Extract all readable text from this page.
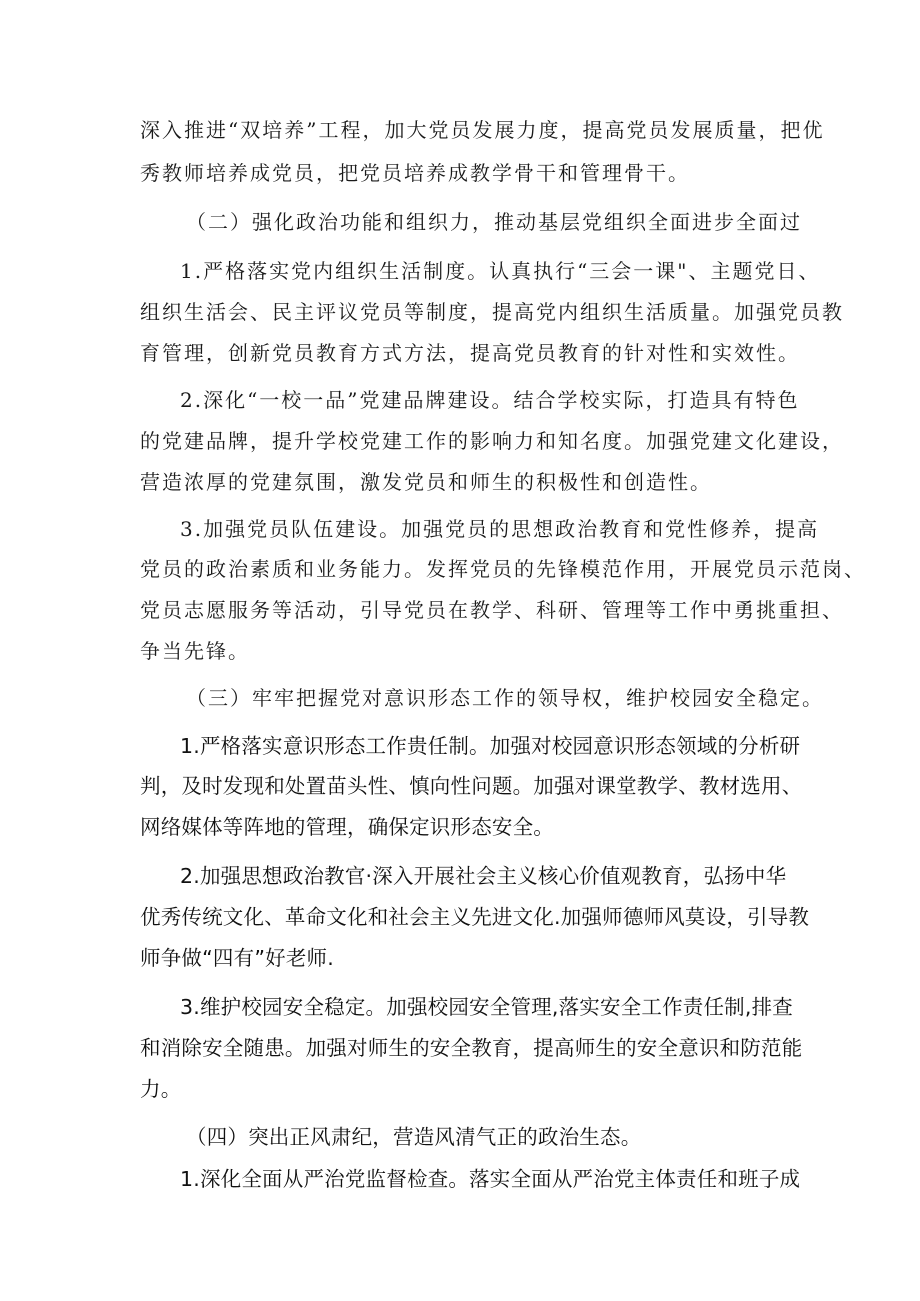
深入推进“双培养”工程，加大党员发展力度，提高党员发展质量，把优

秀教师培养成党员，把党员培养成教学骨干和管理骨干。

（二）强化政治功能和组织力，推动基层党组织全面进步全面过

1.严格落实党内组织生活制度。认真执行“三会一课"、主题党日、

组织生活会、民主评议党员等制度，提高党内组织生活质量。加强党员教

育管理，创新党员教育方式方法，提高党员教育的针对性和实效性。

2.深化“一校一品”党建品牌建设。结合学校实际，打造具有特色

的党建品牌，提升学校党建工作的影响力和知名度。加强党建文化建设，

营造浓厚的党建氛围，激发党员和师生的积极性和创造性。

3.加强党员队伍建设。加强党员的思想政治教育和党性修养，提高

党员的政治素质和业务能力。发挥党员的先锋模范作用，开展党员示范岗、

党员志愿服务等活动，引导党员在教学、科研、管理等工作中勇挑重担、

争当先锋。

（三）牢牢把握党对意识形态工作的领导权，维护校园安全稳定。

1.严格落实意识形态工作贵任制。加强对校园意识形态领域的分析研

判，及时发现和处置苗头性、慎向性问题。加强对课堂教学、教材选用、

网络媒体等阵地的管理，确保定识形态安全。

2.加强思想政治教官·深入开展社会主义核心价值观教育，弘扬中华

优秀传统文化、革命文化和社会主义先进文化.加强师德师风莫设，引导教

师争做“四有”好老师.

3.维护校园安全稳定。加强校园安全管理,落实安全工作责任制,排查

和消除安全随患。加强对师生的安全教育，提高师生的安全意识和防范能

力。

（四）突出正风肃纪，营造风清气正的政治生态。

1.深化全面从严治党监督检查。落实全面从严治党主体责任和班子成
